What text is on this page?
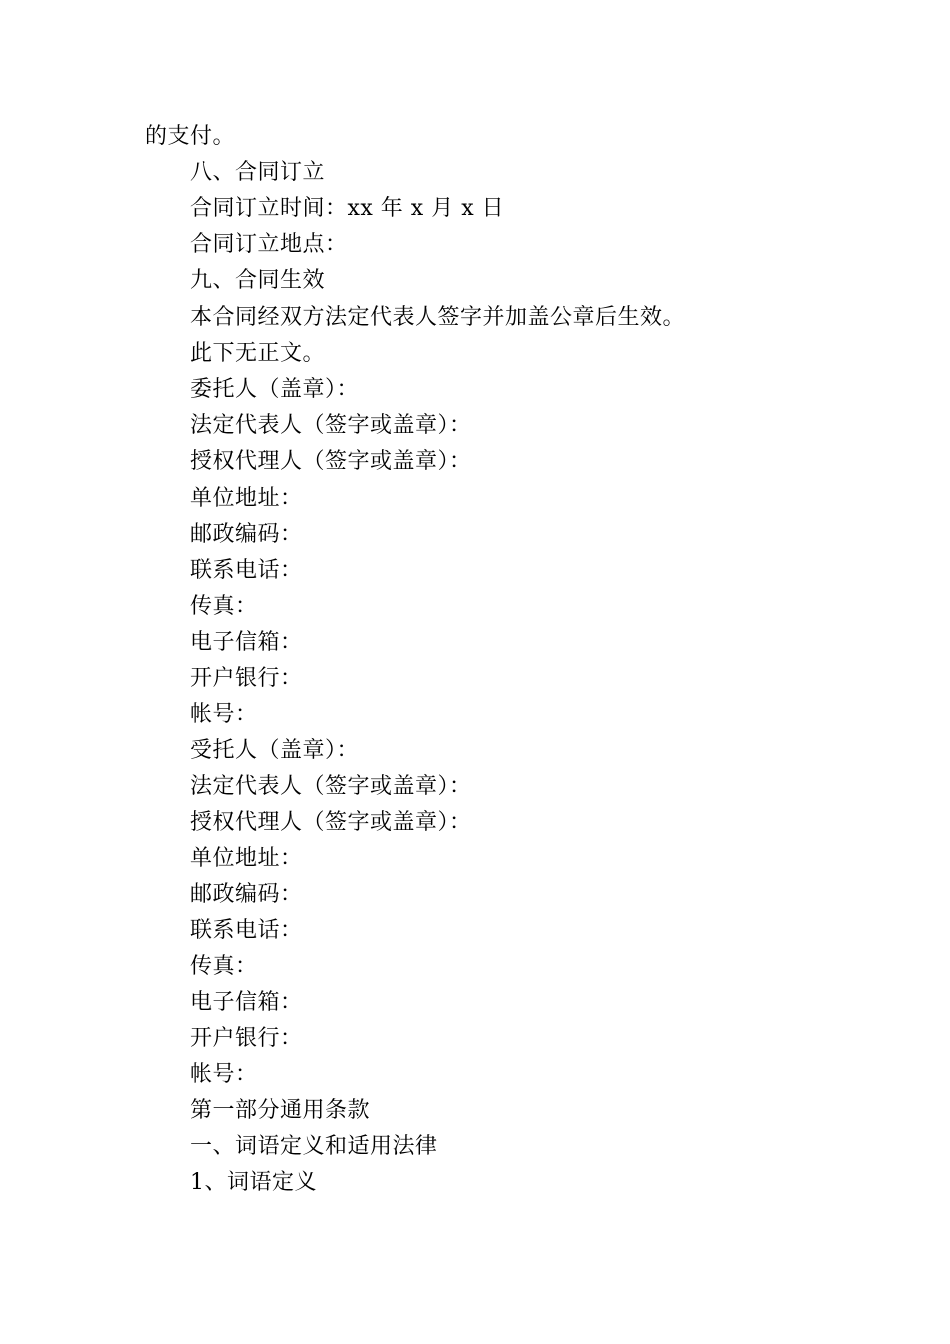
的支付。

八、合同订立

合同订立时间：xx 年 x 月 x 日

合同订立地点：

九、合同生效

本合同经双方法定代表人签字并加盖公章后生效。

此下无正文。

委托人（盖章）：

法定代表人（签字或盖章）：

授权代理人（签字或盖章）：

单位地址：

邮政编码：

联系电话：

传真：

电子信箱：

开户银行：

帐号：

受托人（盖章）：

法定代表人（签字或盖章）：

授权代理人（签字或盖章）：

单位地址：

邮政编码：

联系电话：

传真：

电子信箱：

开户银行：

帐号：

第一部分通用条款

一、词语定义和适用法律

1、词语定义
